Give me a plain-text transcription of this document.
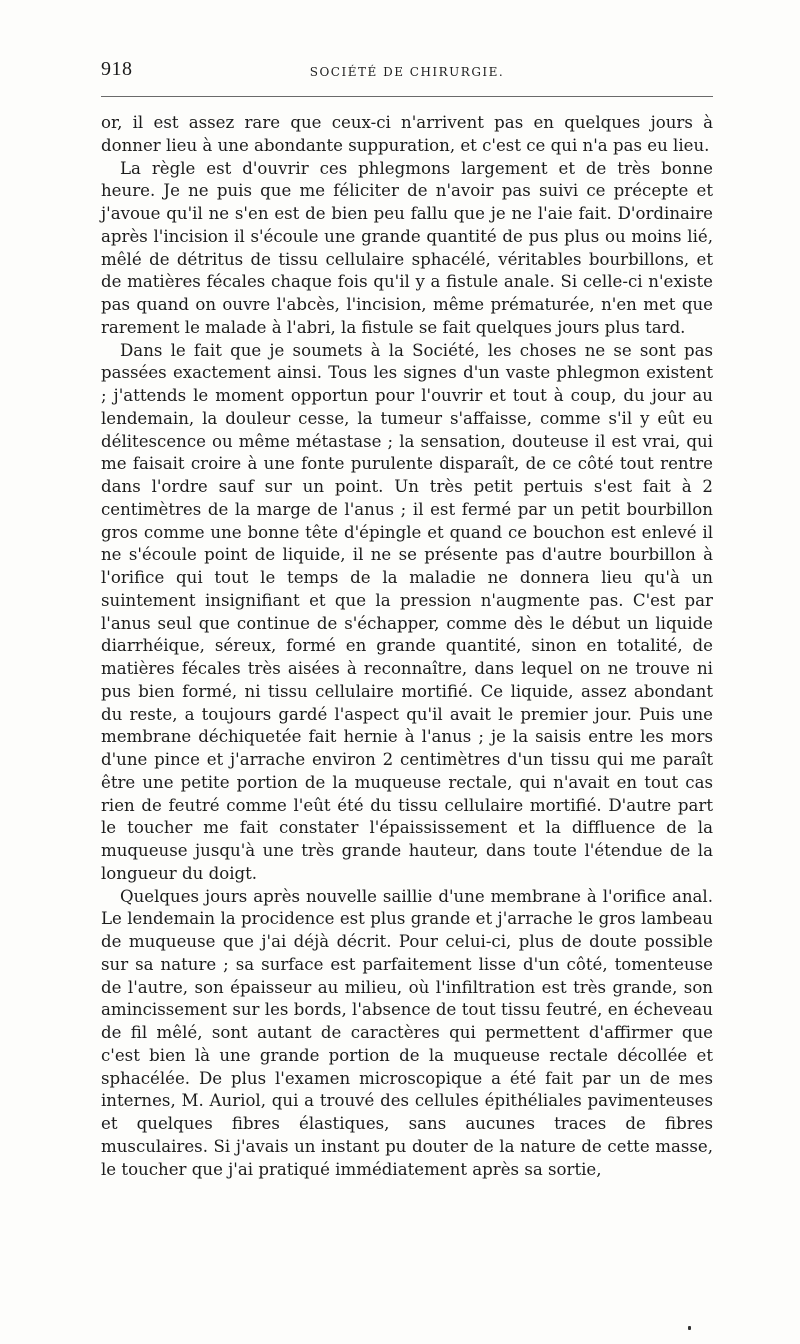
918	SOCIÉTÉ DE CHIRURGIE.

or, il est assez rare que ceux-ci n'arrivent pas en quelques jours à donner lieu à une abondante suppuration, et c'est ce qui n'a pas eu lieu.

La règle est d'ouvrir ces phlegmons largement et de très bonne heure. Je ne puis que me féliciter de n'avoir pas suivi ce précepte et j'avoue qu'il ne s'en est de bien peu fallu que je ne l'aie fait. D'ordinaire après l'incision il s'écoule une grande quantité de pus plus ou moins lié, mêlé de détritus de tissu cellulaire sphacélé, véritables bourbillons, et de matières fécales chaque fois qu'il y a fistule anale. Si celle-ci n'existe pas quand on ouvre l'abcès, l'incision, même prématurée, n'en met que rarement le malade à l'abri, la fistule se fait quelques jours plus tard.

Dans le fait que je soumets à la Société, les choses ne se sont pas passées exactement ainsi. Tous les signes d'un vaste phlegmon existent ; j'attends le moment opportun pour l'ouvrir et tout à coup, du jour au lendemain, la douleur cesse, la tumeur s'affaisse, comme s'il y eût eu délitescence ou même métastase ; la sensation, douteuse il est vrai, qui me faisait croire à une fonte purulente disparaît, de ce côté tout rentre dans l'ordre sauf sur un point. Un très petit pertuis s'est fait à 2 centimètres de la marge de l'anus ; il est fermé par un petit bourbillon gros comme une bonne tête d'épingle et quand ce bouchon est enlevé il ne s'écoule point de liquide, il ne se présente pas d'autre bourbillon à l'orifice qui tout le temps de la maladie ne donnera lieu qu'à un suintement insignifiant et que la pression n'augmente pas. C'est par l'anus seul que continue de s'échapper, comme dès le début un liquide diarrhéique, séreux, formé en grande quantité, sinon en totalité, de matières fécales très aisées à reconnaître, dans lequel on ne trouve ni pus bien formé, ni tissu cellulaire mortifié. Ce liquide, assez abondant du reste, a toujours gardé l'aspect qu'il avait le premier jour. Puis une membrane déchiquetée fait hernie à l'anus ; je la saisis entre les mors d'une pince et j'arrache environ 2 centimètres d'un tissu qui me paraît être une petite portion de la muqueuse rectale, qui n'avait en tout cas rien de feutré comme l'eût été du tissu cellulaire mortifié. D'autre part le toucher me fait constater l'épaississement et la diffluence de la muqueuse jusqu'à une très grande hauteur, dans toute l'étendue de la longueur du doigt.

Quelques jours après nouvelle saillie d'une membrane à l'orifice anal. Le lendemain la procidence est plus grande et j'arrache le gros lambeau de muqueuse que j'ai déjà décrit. Pour celui-ci, plus de doute possible sur sa nature ; sa surface est parfaitement lisse d'un côté, tomenteuse de l'autre, son épaisseur au milieu, où l'infiltration est très grande, son amincissement sur les bords, l'absence de tout tissu feutré, en écheveau de fil mêlé, sont autant de caractères qui permettent d'affirmer que c'est bien là une grande portion de la muqueuse rectale décollée et sphacélée. De plus l'examen microscopique a été fait par un de mes internes, M. Auriol, qui a trouvé des cellules épithéliales pavimenteuses et quelques fibres élastiques, sans aucunes traces de fibres musculaires. Si j'avais un instant pu douter de la nature de cette masse, le toucher que j'ai pratiqué immédiatement après sa sortie,
